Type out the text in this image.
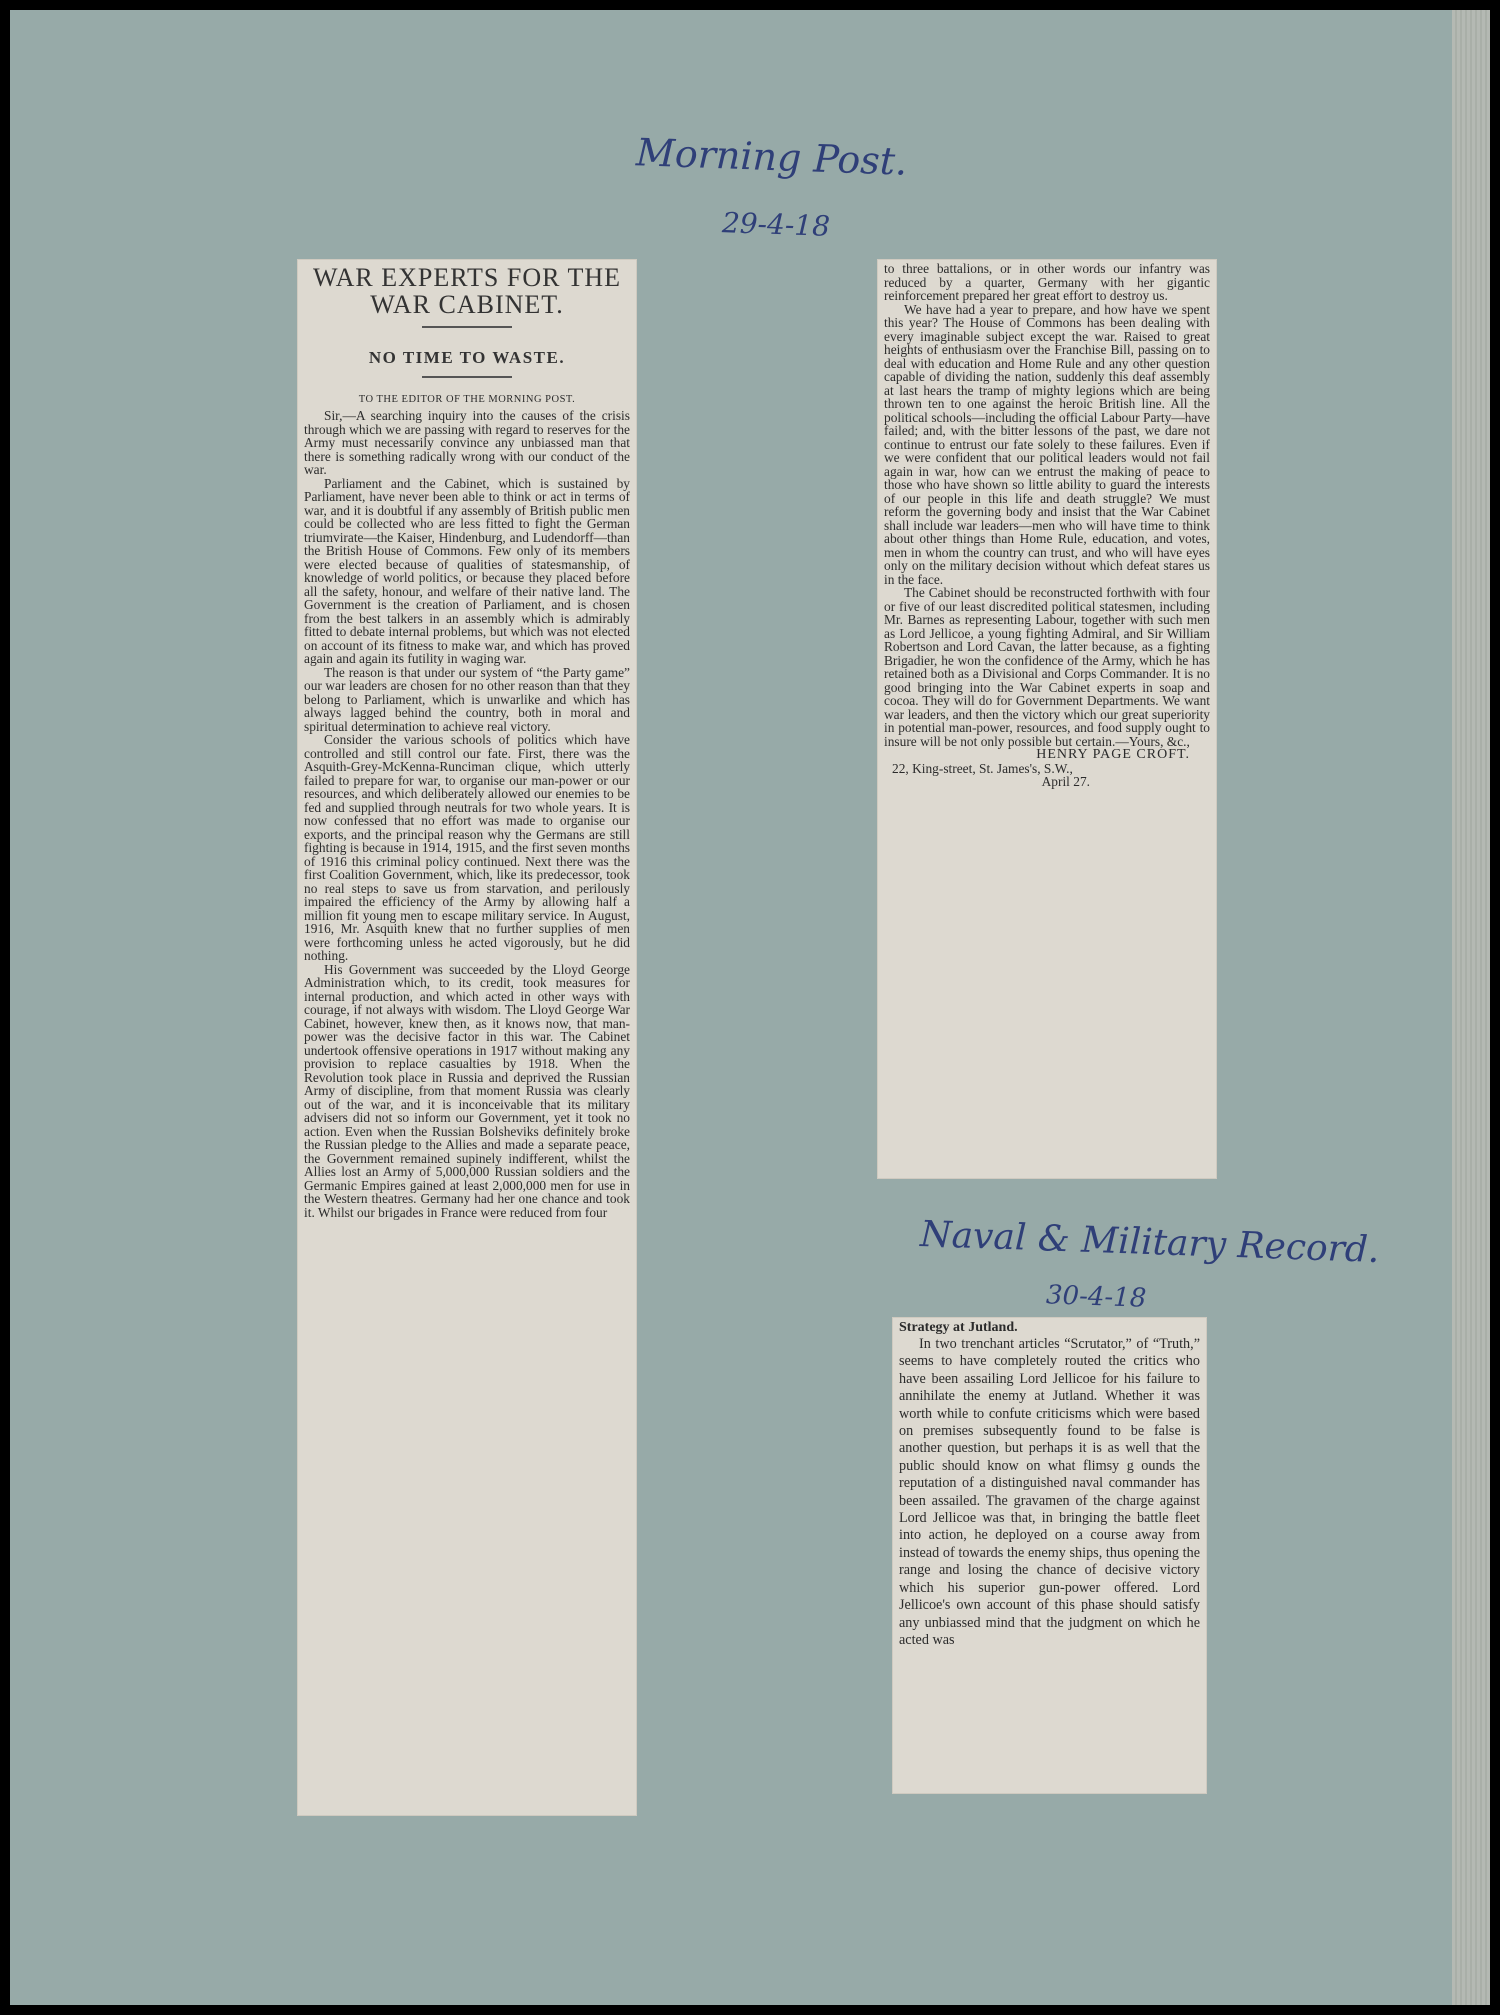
Morning Post.
29-4-18
Naval & Military Record.
30-4-18
WAR EXPERTS FOR THE WAR CABINET.
NO TIME TO WASTE.
TO THE EDITOR OF THE MORNING POST.

Sir,—A searching inquiry into the causes of the crisis through which we are passing with regard to reserves for the Army must necessarily convince any unbiassed man that there is something radically wrong with our conduct of the war.

Parliament and the Cabinet, which is sustained by Parliament, have never been able to think or act in terms of war, and it is doubtful if any assembly of British public men could be collected who are less fitted to fight the German triumvirate—the Kaiser, Hindenburg, and Ludendorff—than the British House of Commons. Few only of its members were elected because of qualities of statesmanship, of knowledge of world politics, or because they placed before all the safety, honour, and welfare of their native land. The Government is the creation of Parliament, and is chosen from the best talkers in an assembly which is admirably fitted to debate internal problems, but which was not elected on account of its fitness to make war, and which has proved again and again its futility in waging war.

The reason is that under our system of “the Party game” our war leaders are chosen for no other reason than that they belong to Parliament, which is unwarlike and which has always lagged behind the country, both in moral and spiritual determination to achieve real victory.

Consider the various schools of politics which have controlled and still control our fate. First, there was the Asquith-Grey-McKenna-Runciman clique, which utterly failed to prepare for war, to organise our man-power or our resources, and which deliberately allowed our enemies to be fed and supplied through neutrals for two whole years. It is now confessed that no effort was made to organise our exports, and the principal reason why the Germans are still fighting is because in 1914, 1915, and the first seven months of 1916 this criminal policy continued. Next there was the first Coalition Government, which, like its predecessor, took no real steps to save us from starvation, and perilously impaired the efficiency of the Army by allowing half a million fit young men to escape military service. In August, 1916, Mr. Asquith knew that no further supplies of men were forthcoming unless he acted vigorously, but he did nothing.

His Government was succeeded by the Lloyd George Administration which, to its credit, took measures for internal production, and which acted in other ways with courage, if not always with wisdom. The Lloyd George War Cabinet, however, knew then, as it knows now, that man-power was the decisive factor in this war. The Cabinet undertook offensive operations in 1917 without making any provision to replace casualties by 1918. When the Revolution took place in Russia and deprived the Russian Army of discipline, from that moment Russia was clearly out of the war, and it is inconceivable that its military advisers did not so inform our Government, yet it took no action. Even when the Russian Bolsheviks definitely broke the Russian pledge to the Allies and made a separate peace, the Government remained supinely indifferent, whilst the Allies lost an Army of 5,000,000 Russian soldiers and the Germanic Empires gained at least 2,000,000 men for use in the Western theatres. Germany had her one chance and took it. Whilst our brigades in France were reduced from four

to three battalions, or in other words our infantry was reduced by a quarter, Germany with her gigantic reinforcement prepared her great effort to destroy us.

We have had a year to prepare, and how have we spent this year? The House of Commons has been dealing with every imaginable subject except the war. Raised to great heights of enthusiasm over the Franchise Bill, passing on to deal with education and Home Rule and any other question capable of dividing the nation, suddenly this deaf assembly at last hears the tramp of mighty legions which are being thrown ten to one against the heroic British line. All the political schools—including the official Labour Party—have failed; and, with the bitter lessons of the past, we dare not continue to entrust our fate solely to these failures. Even if we were confident that our political leaders would not fail again in war, how can we entrust the making of peace to those who have shown so little ability to guard the interests of our people in this life and death struggle? We must reform the governing body and insist that the War Cabinet shall include war leaders—men who will have time to think about other things than Home Rule, education, and votes, men in whom the country can trust, and who will have eyes only on the military decision without which defeat stares us in the face.

The Cabinet should be reconstructed forthwith with four or five of our least discredited political statesmen, including Mr. Barnes as representing Labour, together with such men as Lord Jellicoe, a young fighting Admiral, and Sir William Robertson and Lord Cavan, the latter because, as a fighting Brigadier, he won the confidence of the Army, which he has retained both as a Divisional and Corps Commander. It is no good bringing into the War Cabinet experts in soap and cocoa. They will do for Government Departments. We want war leaders, and then the victory which our great superiority in potential man-power, resources, and food supply ought to insure will be not only possible but certain.—Yours, &c.,

HENRY PAGE CROFT.
22, King-street, St. James's, S.W.,
April 27.
Strategy at Jutland.

In two trenchant articles “Scrutator,” of “Truth,” seems to have completely routed the critics who have been assailing Lord Jellicoe for his failure to annihilate the enemy at Jutland. Whether it was worth while to confute criticisms which were based on premises subsequently found to be false is another question, but perhaps it is as well that the public should know on what flimsy g ounds the reputation of a distinguished naval commander has been assailed. The gravamen of the charge against Lord Jellicoe was that, in bringing the battle fleet into action, he deployed on a course away from instead of towards the enemy ships, thus opening the range and losing the chance of decisive victory which his superior gun-power offered. Lord Jellicoe's own account of this phase should satisfy any unbiassed mind that the judgment on which he acted was
